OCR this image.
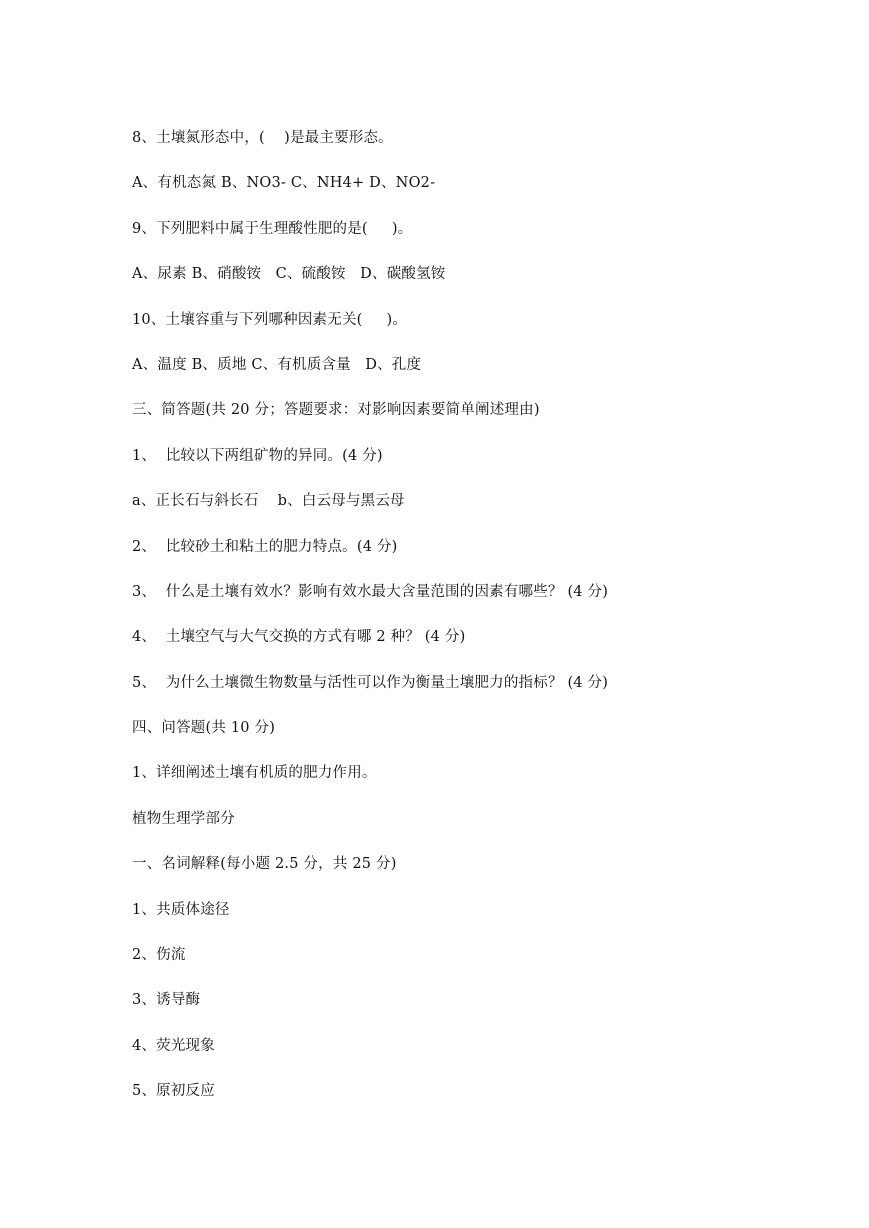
8、土壤氮形态中，(    )是最主要形态。
A、有机态氮 B、NO3- C、NH4+ D、NO2-
9、下列肥料中属于生理酸性肥的是(     )。
A、尿素 B、硝酸铵   C、硫酸铵   D、碳酸氢铵
10、土壤容重与下列哪种因素无关(     )。
A、温度 B、质地 C、有机质含量   D、孔度
三、简答题(共 20 分；答题要求：对影响因素要简单阐述理由)
1、  比较以下两组矿物的异同。(4 分)
a、正长石与斜长石    b、白云母与黑云母
2、  比较砂土和粘土的肥力特点。(4 分)
3、  什么是土壤有效水？影响有效水最大含量范围的因素有哪些？ (4 分)
4、  土壤空气与大气交换的方式有哪 2 种？ (4 分)
5、  为什么土壤微生物数量与活性可以作为衡量土壤肥力的指标？ (4 分)
四、问答题(共 10 分)
1、详细阐述土壤有机质的肥力作用。
植物生理学部分
一、名词解释(每小题 2.5 分，共 25 分)
1、共质体途径
2、伤流
3、诱导酶
4、荧光现象
5、原初反应
